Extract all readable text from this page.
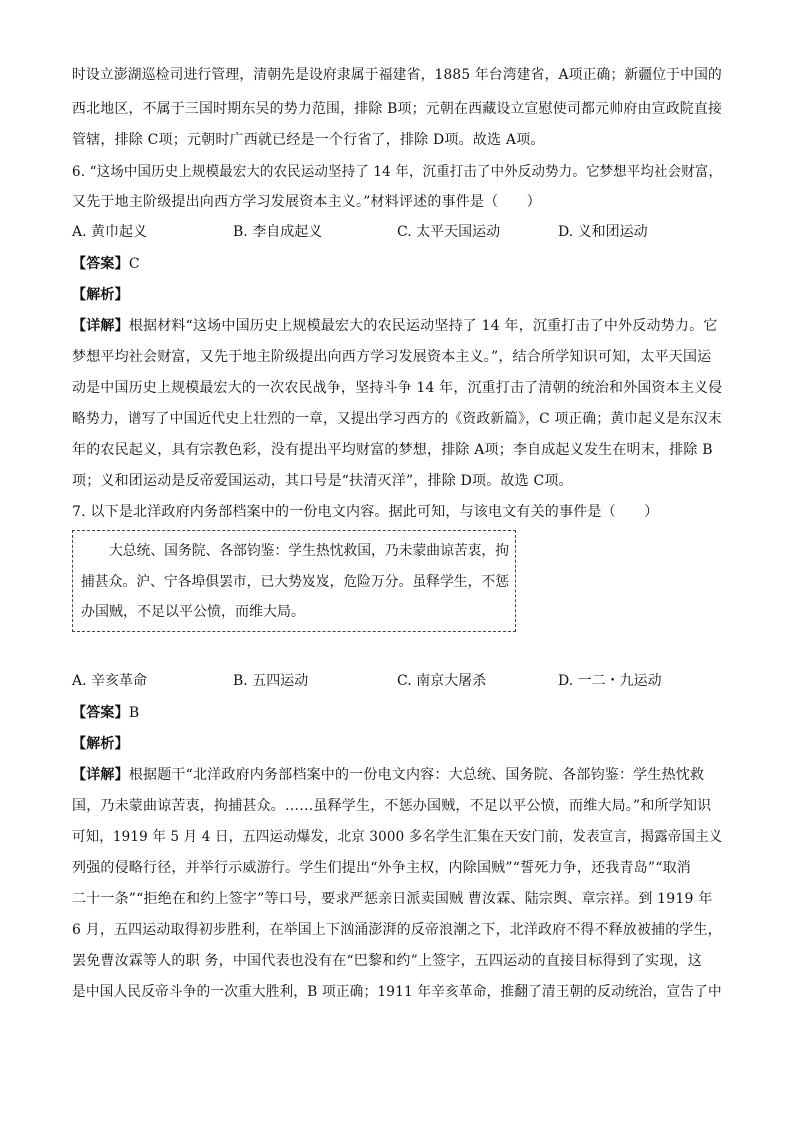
时设立澎湖巡检司进行管理，清朝先是设府隶属于福建省，1885 年台湾建省，A项正确；新疆位于中国的
西北地区，不属于三国时期东吴的势力范围，排除 B项；元朝在西藏设立宣慰使司都元帅府由宣政院直接
管辖，排除 C项；元朝时广西就已经是一个行省了，排除 D项。故选 A项。
6. “这场中国历史上规模最宏大的农民运动坚持了 14 年，沉重打击了中外反动势力。它梦想平均社会财富，
又先于地主阶级提出向西方学习发展资本主义。”材料评述的事件是（　　）
A. 黄巾起义	B. 李自成起义	C. 太平天国运动	D. 义和团运动
【答案】C
【解析】
【详解】根据材料“这场中国历史上规模最宏大的农民运动坚持了 14 年，沉重打击了中外反动势力。它
梦想平均社会财富，又先于地主阶级提出向西方学习发展资本主义。”，结合所学知识可知，太平天国运
动是中国历史上规模最宏大的一次农民战争，坚持斗争 14 年，沉重打击了清朝的统治和外国资本主义侵
略势力，谱写了中国近代史上壮烈的一章，又提出学习西方的《资政新篇》，C 项正确；黄巾起义是东汉末
年的农民起义，具有宗教色彩，没有提出平均财富的梦想，排除 A项；李自成起义发生在明末，排除 B
项；义和团运动是反帝爱国运动，其口号是“扶清灭洋”，排除 D项。故选 C项。
7. 以下是北洋政府内务部档案中的一份电文内容。据此可知，与该电文有关的事件是（　　）
大总统、国务院、各部钧鉴：学生热忱救国，乃未蒙曲谅苦衷，拘
捕甚众。沪、宁各埠俱罢市，已大势岌岌，危险万分。虽释学生，不惩
办国贼，不足以平公愤，而维大局。
A. 辛亥革命	B. 五四运动	C. 南京大屠杀	D. 一二・九运动
【答案】B
【解析】
【详解】根据题干“北洋政府内务部档案中的一份电文内容：大总统、国务院、各部钧鉴：学生热忱救
国，乃未蒙曲谅苦衷，拘捕甚众。……虽释学生，不惩办国贼，不足以平公愤，而维大局。”和所学知识
可知，1919 年 5 月 4 日，五四运动爆发，北京 3000 多名学生汇集在天安门前，发表宣言，揭露帝国主义
列强的侵略行径，并举行示威游行。学生们提出“外争主权，内除国贼”“誓死力争，还我青岛”“取消
二十一条”“拒绝在和约上签字”等口号，要求严惩亲日派卖国贼 曹汝霖、陆宗舆、章宗祥。到 1919 年
6 月，五四运动取得初步胜利，在举国上下汹涌澎湃的反帝浪潮之下，北洋政府不得不释放被捕的学生，
罢免曹汝霖等人的职 务，中国代表也没有在“巴黎和约”上签字，五四运动的直接目标得到了实现，这
是中国人民反帝斗争的一次重大胜利，B 项正确；1911 年辛亥革命，推翻了清王朝的反动统治，宣告了中
